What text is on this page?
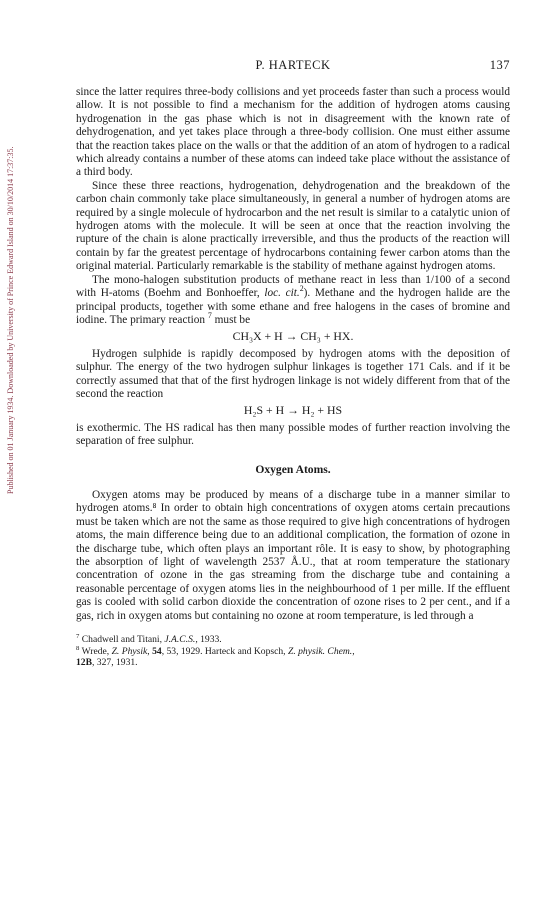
Published on 01 January 1934. Downloaded by University of Prince Edward Island on 30/10/2014 17:37:35.
P. HARTECK	137

since the latter requires three-body collisions and yet proceeds faster than such a process would allow. It is not possible to find a mechanism for the addition of hydrogen atoms causing hydrogenation in the gas phase which is not in disagreement with the known rate of dehydrogenation, and yet takes place through a three-body collision. One must either assume that the reaction takes place on the walls or that the addition of an atom of hydrogen to a radical which already contains a number of these atoms can indeed take place without the assistance of a third body.

Since these three reactions, hydrogenation, dehydrogenation and the breakdown of the carbon chain commonly take place simultaneously, in general a number of hydrogen atoms are required by a single molecule of hydrocarbon and the net result is similar to a catalytic union of hydrogen atoms with the molecule. It will be seen at once that the reaction involving the rupture of the chain is alone practically irreversible, and thus the products of the reaction will contain by far the greatest percentage of hydrocarbons containing fewer carbon atoms than the original material. Particularly remarkable is the stability of methane against hydrogen atoms.

The mono-halogen substitution products of methane react in less than 1/100 of a second with H-atoms (Boehm and Bonhoeffer, loc. cit.$^2$). Methane and the hydrogen halide are the principal products, together with some ethane and free halogens in the cases of bromine and iodine. The primary reaction $^7$ must be

CH₃X + H → CH₃ + HX.

Hydrogen sulphide is rapidly decomposed by hydrogen atoms with the deposition of sulphur. The energy of the two hydrogen sulphur linkages is together 171 Cals. and if it be correctly assumed that that of the first hydrogen linkage is not widely different from that of the second the reaction

H₂S + H → H₂ + HS

is exothermic. The HS radical has then many possible modes of further reaction involving the separation of free sulphur.

Oxygen Atoms.

Oxygen atoms may be produced by means of a discharge tube in a manner similar to hydrogen atoms.⁸ In order to obtain high concentrations of oxygen atoms certain precautions must be taken which are not the same as those required to give high concentrations of hydrogen atoms, the main difference being due to an additional complication, the formation of ozone in the discharge tube, which often plays an important rôle. It is easy to show, by photographing the absorption of light of wavelength 2537 Å.U., that at room temperature the stationary concentration of ozone in the gas streaming from the discharge tube and containing a reasonable percentage of oxygen atoms lies in the neighbourhood of 1 per mille. If the effluent gas is cooled with solid carbon dioxide the concentration of ozone rises to 2 per cent., and if a gas, rich in oxygen atoms but containing no ozone at room temperature, is led through a

$^7$ Chadwell and Titani, J.A.C.S., 1933.

$^8$ Wrede, Z. Physik, 54, 53, 1929. Harteck and Kopsch, Z. physik. Chem.,
12B, 327, 1931.
